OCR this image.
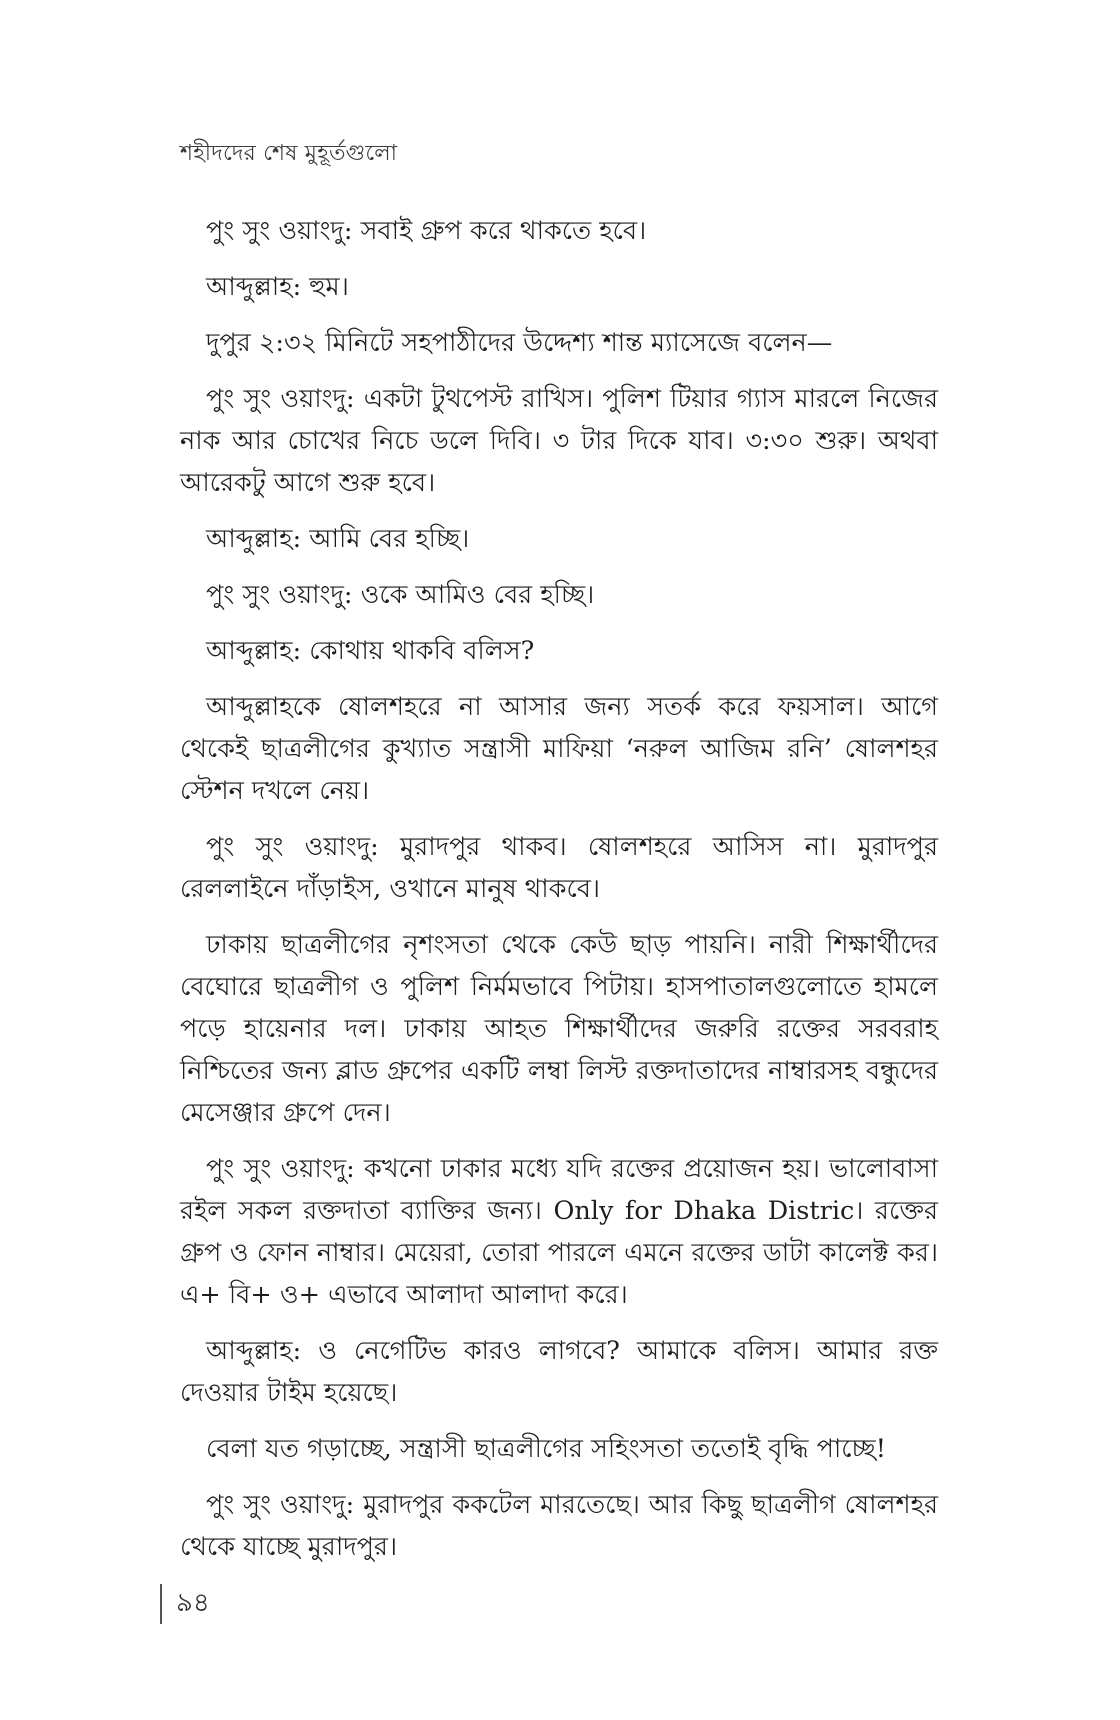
শহীদদের শেষ মুহূর্তগুলো

পুং সুং ওয়াংদু: সবাই গ্রুপ করে থাকতে হবে।

আব্দুল্লাহ: হুম।

দুপুর ২:৩২ মিনিটে সহপাঠীদের উদ্দেশ্য শান্ত ম্যাসেজে বলেন—

পুং সুং ওয়াংদু: একটা টুথপেস্ট রাখিস। পুলিশ টিয়ার গ্যাস মারলে নিজের নাক আর চোখের নিচে ডলে দিবি। ৩ টার দিকে যাব। ৩:৩০ শুরু। অথবা আরেকটু আগে শুরু হবে।

আব্দুল্লাহ: আমি বের হচ্ছি।

পুং সুং ওয়াংদু: ওকে আমিও বের হচ্ছি।

আব্দুল্লাহ: কোথায় থাকবি বলিস?

আব্দুল্লাহকে ষোলশহরে না আসার জন্য সতর্ক করে ফয়সাল। আগে থেকেই ছাত্রলীগের কুখ্যাত সন্ত্রাসী মাফিয়া ‘নরুল আজিম রনি’ ষোলশহর স্টেশন দখলে নেয়।

পুং সুং ওয়াংদু: মুরাদপুর থাকব। ষোলশহরে আসিস না। মুরাদপুর রেললাইনে দাঁড়াইস, ওখানে মানুষ থাকবে।

ঢাকায় ছাত্রলীগের নৃশংসতা থেকে কেউ ছাড় পায়নি। নারী শিক্ষার্থীদের বেঘোরে ছাত্রলীগ ও পুলিশ নির্মমভাবে পিটায়। হাসপাতালগুলোতে হামলে পড়ে হায়েনার দল। ঢাকায় আহত শিক্ষার্থীদের জরুরি রক্তের সরবরাহ নিশ্চিতের জন্য ব্লাড গ্রুপের একটি লম্বা লিস্ট রক্তদাতাদের নাম্বারসহ বন্ধুদের মেসেঞ্জার গ্রুপে দেন।

পুং সুং ওয়াংদু: কখনো ঢাকার মধ্যে যদি রক্তের প্রয়োজন হয়। ভালোবাসা রইল সকল রক্তদাতা ব্যাক্তির জন্য। Only for Dhaka Distric। রক্তের গ্রুপ ও ফোন নাম্বার। মেয়েরা, তোরা পারলে এমনে রক্তের ডাটা কালেক্ট কর। এ+ বি+ ও+ এভাবে আলাদা আলাদা করে।

আব্দুল্লাহ: ও নেগেটিভ কারও লাগবে? আমাকে বলিস। আমার রক্ত দেওয়ার টাইম হয়েছে।

বেলা যত গড়াচ্ছে, সন্ত্রাসী ছাত্রলীগের সহিংসতা ততোই বৃদ্ধি পাচ্ছে!

পুং সুং ওয়াংদু: মুরাদপুর ককটেল মারতেছে। আর কিছু ছাত্রলীগ ষোলশহর থেকে যাচ্ছে মুরাদপুর।

৯৪
